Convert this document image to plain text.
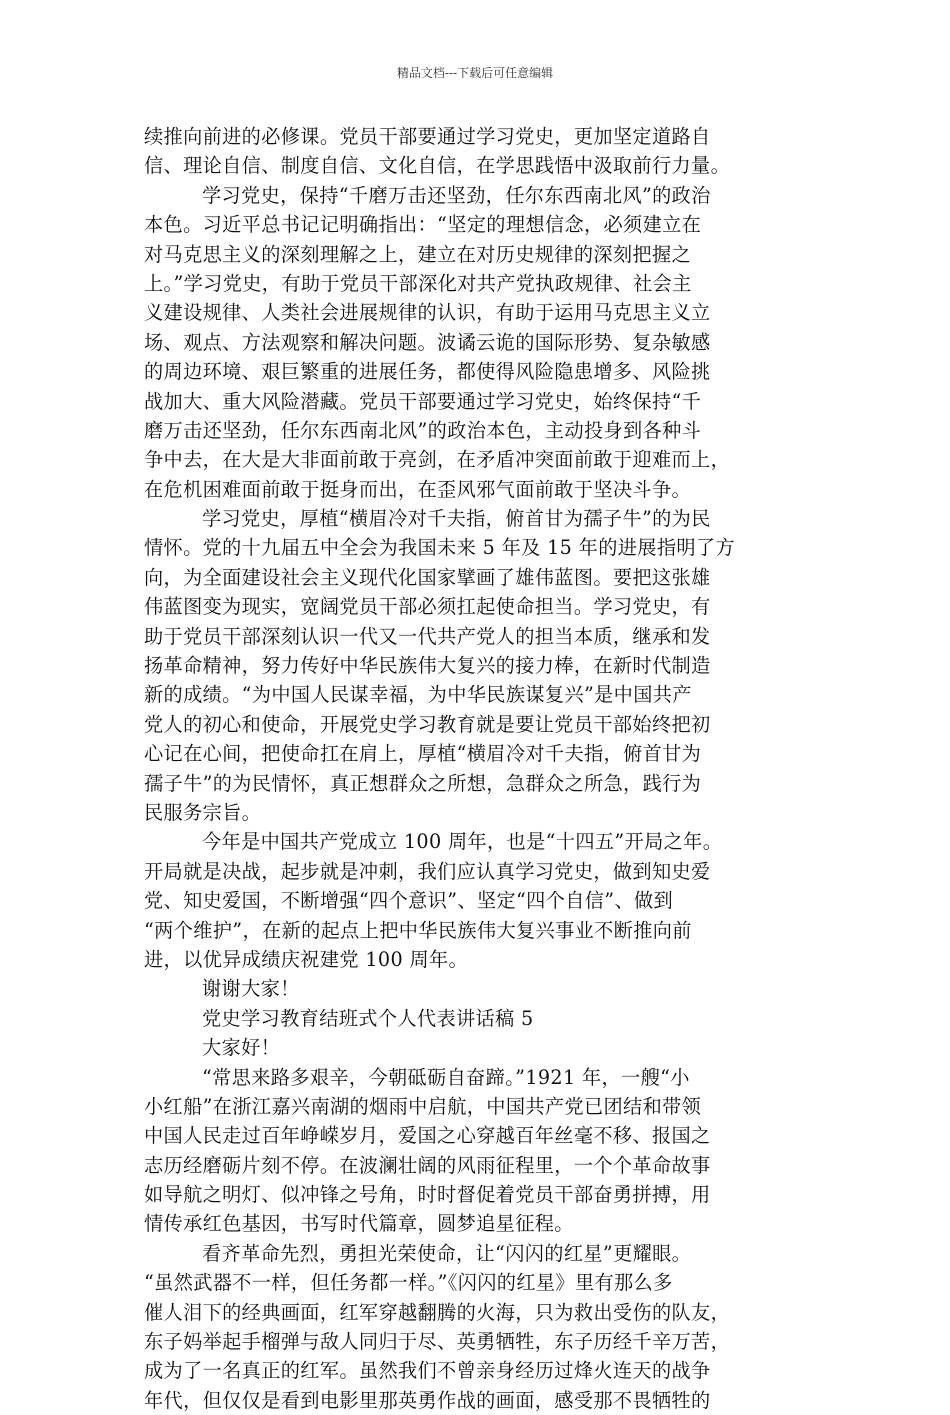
精品文档---下载后可任意编辑
续推向前进的必修课。党员干部要通过学习党史，更加坚定道路自
信、理论自信、制度自信、文化自信，在学思践悟中汲取前行力量。
学习党史，保持“千磨万击还坚劲，任尔东西南北风”的政治
本色。习近平总书记记明确指出：“坚定的理想信念，必须建立在
对马克思主义的深刻理解之上，建立在对历史规律的深刻把握之
上。”学习党史，有助于党员干部深化对共产党执政规律、社会主
义建设规律、人类社会进展规律的认识，有助于运用马克思主义立
场、观点、方法观察和解决问题。波谲云诡的国际形势、复杂敏感
的周边环境、艰巨繁重的进展任务，都使得风险隐患增多、风险挑
战加大、重大风险潜藏。党员干部要通过学习党史，始终保持“千
磨万击还坚劲，任尔东西南北风”的政治本色，主动投身到各种斗
争中去，在大是大非面前敢于亮剑，在矛盾冲突面前敢于迎难而上，
在危机困难面前敢于挺身而出，在歪风邪气面前敢于坚决斗争。
学习党史，厚植“横眉冷对千夫指，俯首甘为孺子牛”的为民
情怀。党的十九届五中全会为我国未来 5 年及 15 年的进展指明了方
向，为全面建设社会主义现代化国家擘画了雄伟蓝图。要把这张雄
伟蓝图变为现实，宽阔党员干部必须扛起使命担当。学习党史，有
助于党员干部深刻认识一代又一代共产党人的担当本质，继承和发
扬革命精神，努力传好中华民族伟大复兴的接力棒，在新时代制造
新的成绩。“为中国人民谋幸福，为中华民族谋复兴”是中国共产
党人的初心和使命，开展党史学习教育就是要让党员干部始终把初
心记在心间，把使命扛在肩上，厚植“横眉冷对千夫指，俯首甘为
孺子牛”的为民情怀，真正想群众之所想，急群众之所急，践行为
民服务宗旨。
今年是中国共产党成立 100 周年，也是“十四五”开局之年。
开局就是决战，起步就是冲刺，我们应认真学习党史，做到知史爱
党、知史爱国，不断增强“四个意识”、坚定“四个自信”、做到
“两个维护”，在新的起点上把中华民族伟大复兴事业不断推向前
进，以优异成绩庆祝建党 100 周年。
谢谢大家！
党史学习教育结班式个人代表讲话稿 5
大家好！
“常思来路多艰辛，今朝砥砺自奋蹄。”1921 年，一艘“小
小红船”在浙江嘉兴南湖的烟雨中启航，中国共产党已团结和带领
中国人民走过百年峥嵘岁月，爱国之心穿越百年丝毫不移、报国之
志历经磨砺片刻不停。在波澜壮阔的风雨征程里，一个个革命故事
如导航之明灯、似冲锋之号角，时时督促着党员干部奋勇拼搏，用
情传承红色基因，书写时代篇章，圆梦追星征程。
看齐革命先烈，勇担光荣使命，让“闪闪的红星”更耀眼。
“虽然武器不一样，但任务都一样。”《闪闪的红星》里有那么多
催人泪下的经典画面，红军穿越翻腾的火海，只为救出受伤的队友，
东子妈举起手榴弹与敌人同归于尽、英勇牺牲，东子历经千辛万苦，
成为了一名真正的红军。虽然我们不曾亲身经历过烽火连天的战争
年代，但仅仅是看到电影里那英勇作战的画面，感受那不畏牺牲的
